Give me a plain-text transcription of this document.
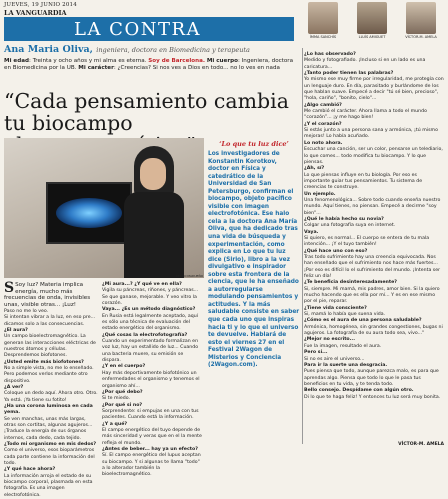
JUEVES, 19 JUNIO 2014
LA VANGUARDIA
LA CONTRA	ÍMMA SANCHÍS	LLUÍS AMIGUET	VÍCTOR-M. AMELA
Ana Maria Oliva, ingeniera, doctora en Biomedicina y terapeuta
Mi edad: Treinta y ocho años y mi alma es eterna. Soy de Barcelona. Mi cuerpo: Ingeniera, doctora en Biomedicina por la UB. Mi carácter: ¿Creencias? Si nos ves a Dios en todo... no lo ves en nada
“Cada pensamiento cambia tu biocampo
PEDRO MADUEÑO
‘Lo que tu luz dice’
Los investigadores de Konstantin Korotkov, doctor en Física y catedrático de la Universidad de San Petersburgo, confirman el biocampo, objeto pacífico visible con imagen electrofotónica. Ese halo cela a la doctora Ana María Oliva, que ha dedicado tras una vida de búsqueda y experimentación, como explica en Lo que tu luz dice (Sirio), libro a la vez divulgativo e inspirador sobre esta frontera de la ciencia, que le ha enseñado a autorregularse modulando pensamientos y actitudes. Y la más saludable consiste en saber que cada uno que inspiras hacia ti y lo que el universo te devuelve. Hablará de esto el viernes 27 en el Festival 2Wagon de Misterios y Conciencia (2Wagon.com).

S Soy luz? Materia implica energía, mucho más frecuencias de onda, invisibles unas, visible otras... ¡Luz!

Paso no me lo veo.

Si intentan vibrar a la luz, en eso pre... dicamos solo a las consecuencias.

¿El aura?

Un campo bioelectromagnético. La generan las interacciones eléctricas de nuestros átomos y células. Desprendemos biofotones.

¿Usted emite más biofotones?

No a simple vista, no me lo enseñado. Pero podemos verlos mediante otro dispositivo.

¿A ver?

Coloque un dedo aquí. Ahora otro. Otro. Ya está. ¡Ya tiene su fotito!

¿Ha una corona luminosa en cada yema.

Se ven manchas, unas más largas, otras son cortitas, algunas agujeros... ¡Traduce la energía de sus órganos internos, cada dedo, cada tejido.

¿Todo mi organismo en mis dedos?

Como el universo, esos bioparámetros cada parte contiene la información del todo.

¿Y qué hace ahora?

La información arroja el estado de su biocampo corporal, plasmada en esta fotografía. Es una imagen electrofotónica.

¿Mi aura...? ¿Y qué ve en ella?

Vigila su páncreas, riñones, y páncreas... Se que ganase, mejorable. Y veo vitro la corazón.

Vaya... ¿Es un método diagnóstico?

En Rusia está legalmente aceptado, aquí es sólo una técnica de evaluación del estado energético del organismo.

¿Qué cosas la electrofotografía?

Cuando un experimentado formalizan en voz luz, hay un estallido de luz... Cuando una bacteria muere, su emisión se dispara.

¿Y en el cuerpo?

Hay más deportivamente biofotónico un enfermedades el organismo y tenemos el organismo ahí...

¿Por qué debo?

Si te miedo.

¿Por qué si no?

Sorprendente: si empujas en una con tus pacientes. Cuando está la información.

¿Y a qué?

El campo energético del tuyo depende de más sinceridad y veras que en el la mente refleja el mundo.

¿Antes de beber... hay ya un efecto?

Sí. El campo energético del lupus aceptan su biocampo. Y si algunas te llama "todo" a lo alterador también la bioelectromagnético.

¿Lo has observado?

Medido y fotografiado. ¡Incluso si en un lado es una caricatura...

¿Tanto poder tienen las palabras?

Yo mismo ese muy firme por irregularidad, me protegía con un lenguaje duro. En día, parasitado y burlándome de los que hablan suave. Empecé a decir "tú sé bien, precioso", "hola, cariño", "bonito, cielo"...

¿Algo cambió?

Me cambió el carácter. Ahora llama a todo el mundo “corazón”... ¡y me hago bien!

¿Y el corazón?

Si estás junto a una persona sana y armónica, ¡tú mismo mejoras! Lo había acuñado.

Lo noto ahora.

Escuchar una canción, ser un color, pensarse un telediario, lo que comes... todo modifica tu biocampo. Y lo que piensas.

¿Ah, sí?

Lo que piensas influye en tu biología. Por eso es importante guiar tus pensamientos. Tu sistema de creencias te construye.

Un ejemplo.

Una fenomenológica... Sobre todo cuando enseña nuestro mundo. Aquí tienes, no piensan. Empecé a decirme "soy bien"...

¿Qué le había hecho su novia?

Colgar una fotografía suya en internet.

Vaya.

Si quiero, es normal... El cuerpo se entera de tu mala intención... ¡Y el tuyo también!

¿Qué hace uno con eso?

Tras todo sufrimiento hay una creencia equivocada. Nos han enseñado que el sufrimiento nos hace más fuertes... ¡Por eso es difícil lo el sufrimiento del mundo. ¡Intenta ser feliz un día!

¿Te beneficia desinteresadamente?

Si, siempre. Mi mamá, mis padres, amor bien. Si la quiero mucho hacendo que es ella por mí... Y es en ese mismo por el pie, reparar.

¿Tiene vida consciente?

Si, mamá lo había que suena vida.

¿Cómo es el aura de una persona saludable?

Armónica, homogénea, sin grandes congestiones, bugas ni agujeros. La fotografía de su aura todo sea, vivo..."

¿Mejor no escrito...

Fue la imagen, resultado el aura.

Pero si...

Si no es aire el universo...

Para ir la suerte una desgracia.

Pues piensa que todo, aunque parezca malo, es para que aprendas algo. Piensa que todo lo que le pasa tus beneficios en tu vida, y te tenda todo.

Bello consejo. Despídame con algún otro.

Di lo que te haga feliz! Y entonces tu luz será muy bonita.

VÍCTOR-M. AMELA
